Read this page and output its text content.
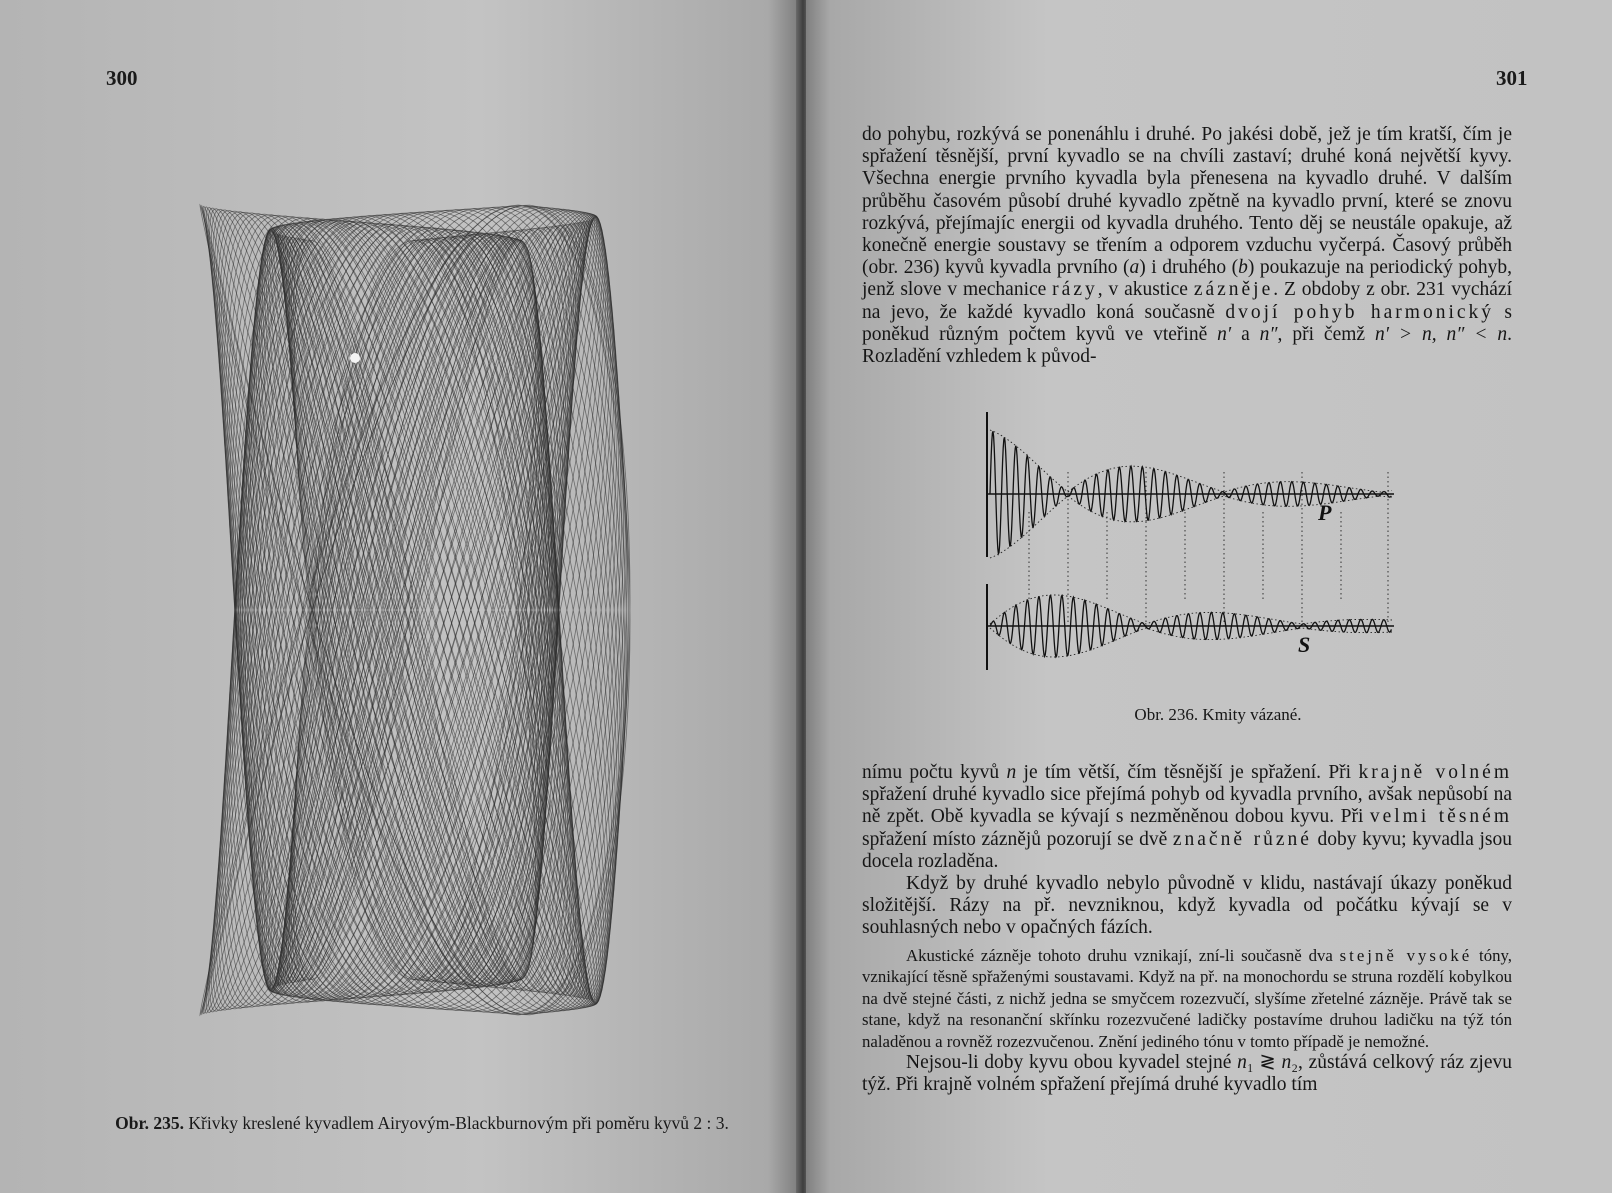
300
Obr. 235. Křivky kreslené kyvadlem Airyovým-Blackburnovým při poměru kyvů 2 : 3.
301

do pohybu, rozkývá se ponenáhlu i druhé. Po jakési době, jež je tím kratší, čím je spřažení těsnější, první kyvadlo se na chvíli zastaví; druhé koná největší kyvy. Všechna energie prvního kyvadla byla přenesena na kyvadlo druhé. V dalším průběhu časovém působí druhé kyvadlo zpětně na kyvadlo první, které se znovu rozkývá, přejímajíc energii od kyvadla druhého. Tento děj se neustále opakuje, až konečně energie soustavy se třením a odporem vzduchu vyčerpá. Časový průběh (obr. 236) kyvů kyvadla prvního (a) i druhého (b) poukazuje na periodický pohyb, jenž slove v mechanice rázy, v akustice zázněje. Z obdoby z obr. 231 vychází na jevo, že každé kyvadlo koná současně dvojí pohyb harmonický s poněkud různým počtem kyvů ve vteřině n′ a n″, při čemž n′ > n, n″ < n. Rozladění vzhledem k původ-

P
S
Obr. 236. Kmity vázané.

nímu počtu kyvů n je tím větší, čím těsnější je spřažení. Při krajně volném spřažení druhé kyvadlo sice přejímá pohyb od kyvadla prvního, avšak nepůsobí na ně zpět. Obě kyvadla se kývají s nezměněnou dobou kyvu. Při velmi těsném spřažení místo záznějů pozorují se dvě značně různé doby kyvu; kyvadla jsou docela rozladěna.

Když by druhé kyvadlo nebylo původně v klidu, nastávají úkazy poněkud složitější. Rázy na př. nevzniknou, když kyvadla od počátku kývají se v souhlasných nebo v opačných fázích.

Akustické zázněje tohoto druhu vznikají, zní-li současně dva stejně vysoké tóny, vznikající těsně spřaženými soustavami. Když na př. na monochordu se struna rozdělí kobylkou na dvě stejné části, z nichž jedna se smyčcem rozezvučí, slyšíme zřetelné zázněje. Právě tak se stane, když na resonanční skřínku rozezvučené ladičky postavíme druhou ladičku na týž tón naladěnou a rovněž rozezvučenou. Znění jediného tónu v tomto případě je nemožné.

Nejsou-li doby kyvu obou kyvadel stejné n₁ ≷ n₂, zůstává celkový ráz zjevu týž. Při krajně volném spřažení přejímá druhé kyvadlo tím
